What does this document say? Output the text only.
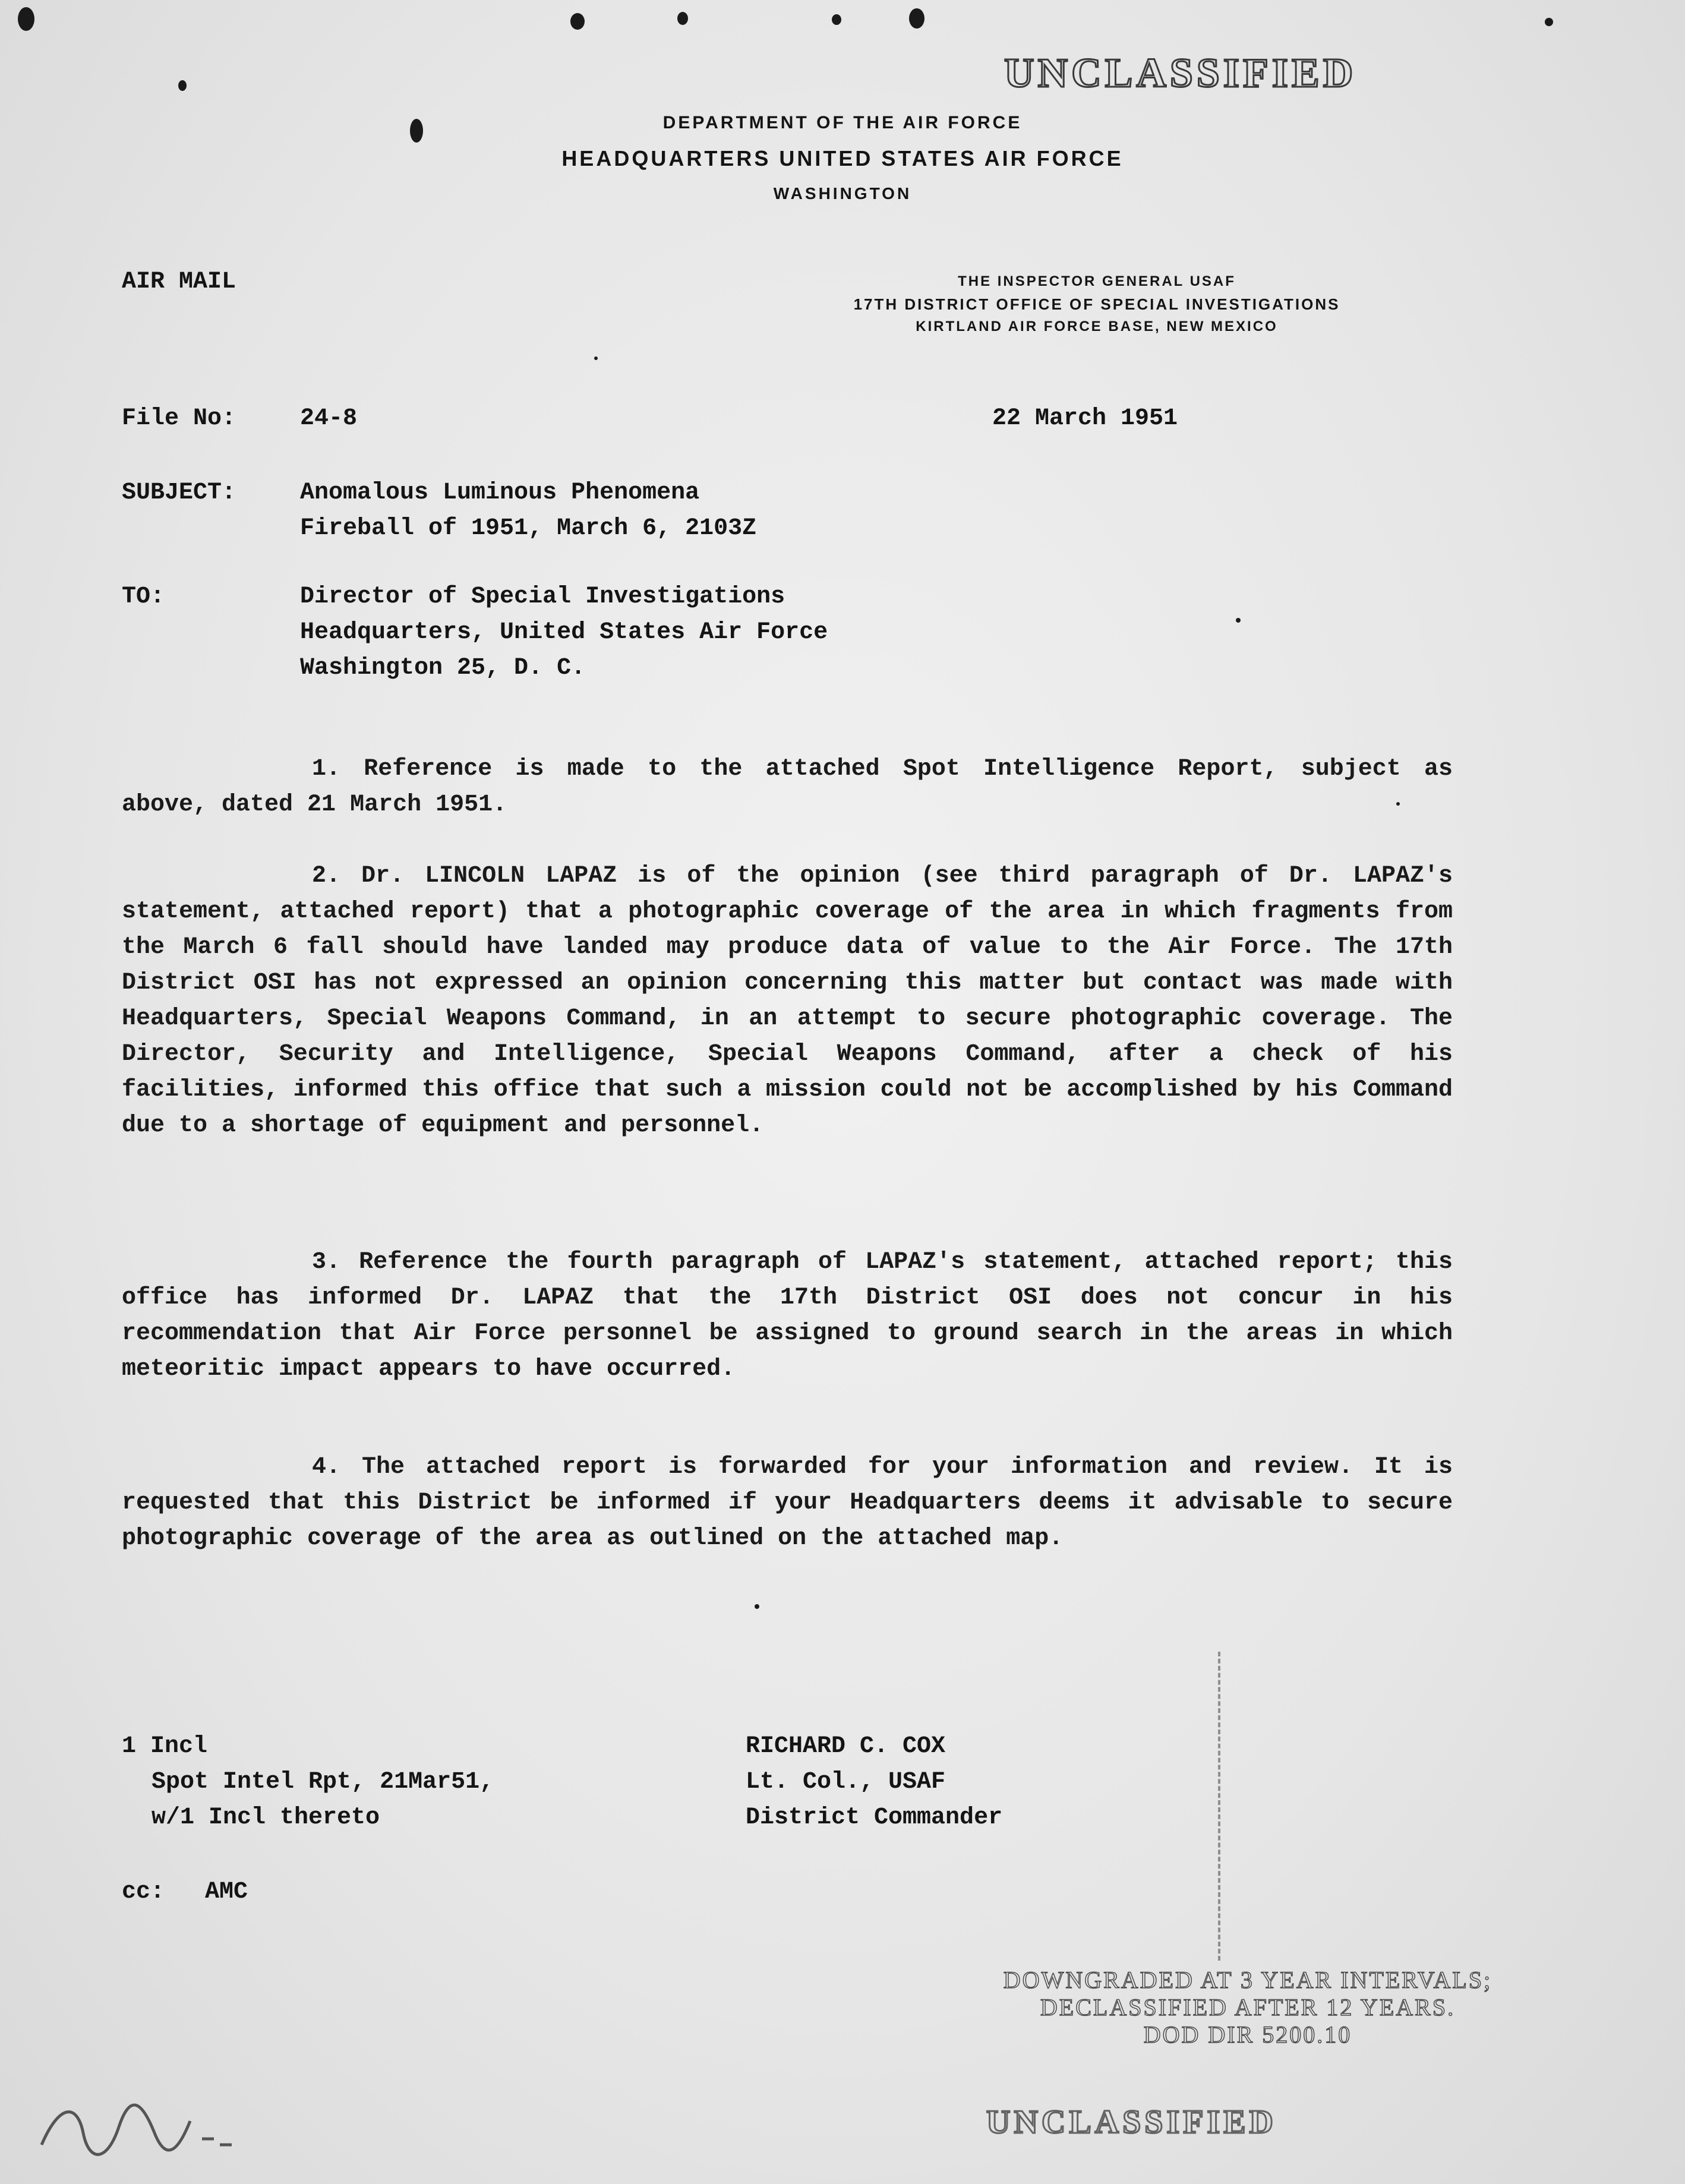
UNCLASSIFIED
DEPARTMENT OF THE AIR FORCE
HEADQUARTERS UNITED STATES AIR FORCE
WASHINGTON
AIR MAIL	THE INSPECTOR GENERAL USAF
17TH DISTRICT OFFICE OF SPECIAL INVESTIGATIONS
KIRTLAND AIR FORCE BASE, NEW MEXICO
File No:	24-8	22 March 1951
SUBJECT:	Anomalous Luminous Phenomena
Fireball of 1951, March 6, 2103Z
TO:	Director of Special Investigations
Headquarters, United States Air Force
Washington 25, D. C.
1. Reference is made to the attached Spot Intelligence Report, subject as above, dated 21 March 1951.
2. Dr. LINCOLN LAPAZ is of the opinion (see third paragraph of Dr. LAPAZ's statement, attached report) that a photographic coverage of the area in which fragments from the March 6 fall should have landed may produce data of value to the Air Force. The 17th District OSI has not expressed an opinion concerning this matter but contact was made with Headquarters, Special Weapons Command, in an attempt to secure photographic coverage. The Director, Security and Intelligence, Special Weapons Command, after a check of his facilities, informed this office that such a mission could not be accomplished by his Command due to a shortage of equipment and personnel.
3. Reference the fourth paragraph of LAPAZ's statement, attached report; this office has informed Dr. LAPAZ that the 17th District OSI does not concur in his recommendation that Air Force personnel be assigned to ground search in the areas in which meteoritic impact appears to have occurred.
4. The attached report is forwarded for your information and review. It is requested that this District be informed if your Headquarters deems it advisable to secure photographic coverage of the area as outlined on the attached map.
1 Incl
Spot Intel Rpt, 21Mar51,
w/1 Incl thereto
RICHARD C. COX
Lt. Col., USAF
District Commander
cc: AMC
DOWNGRADED AT 3 YEAR INTERVALS;
DECLASSIFIED AFTER 12 YEARS.
DOD DIR 5200.10
UNCLASSIFIED
